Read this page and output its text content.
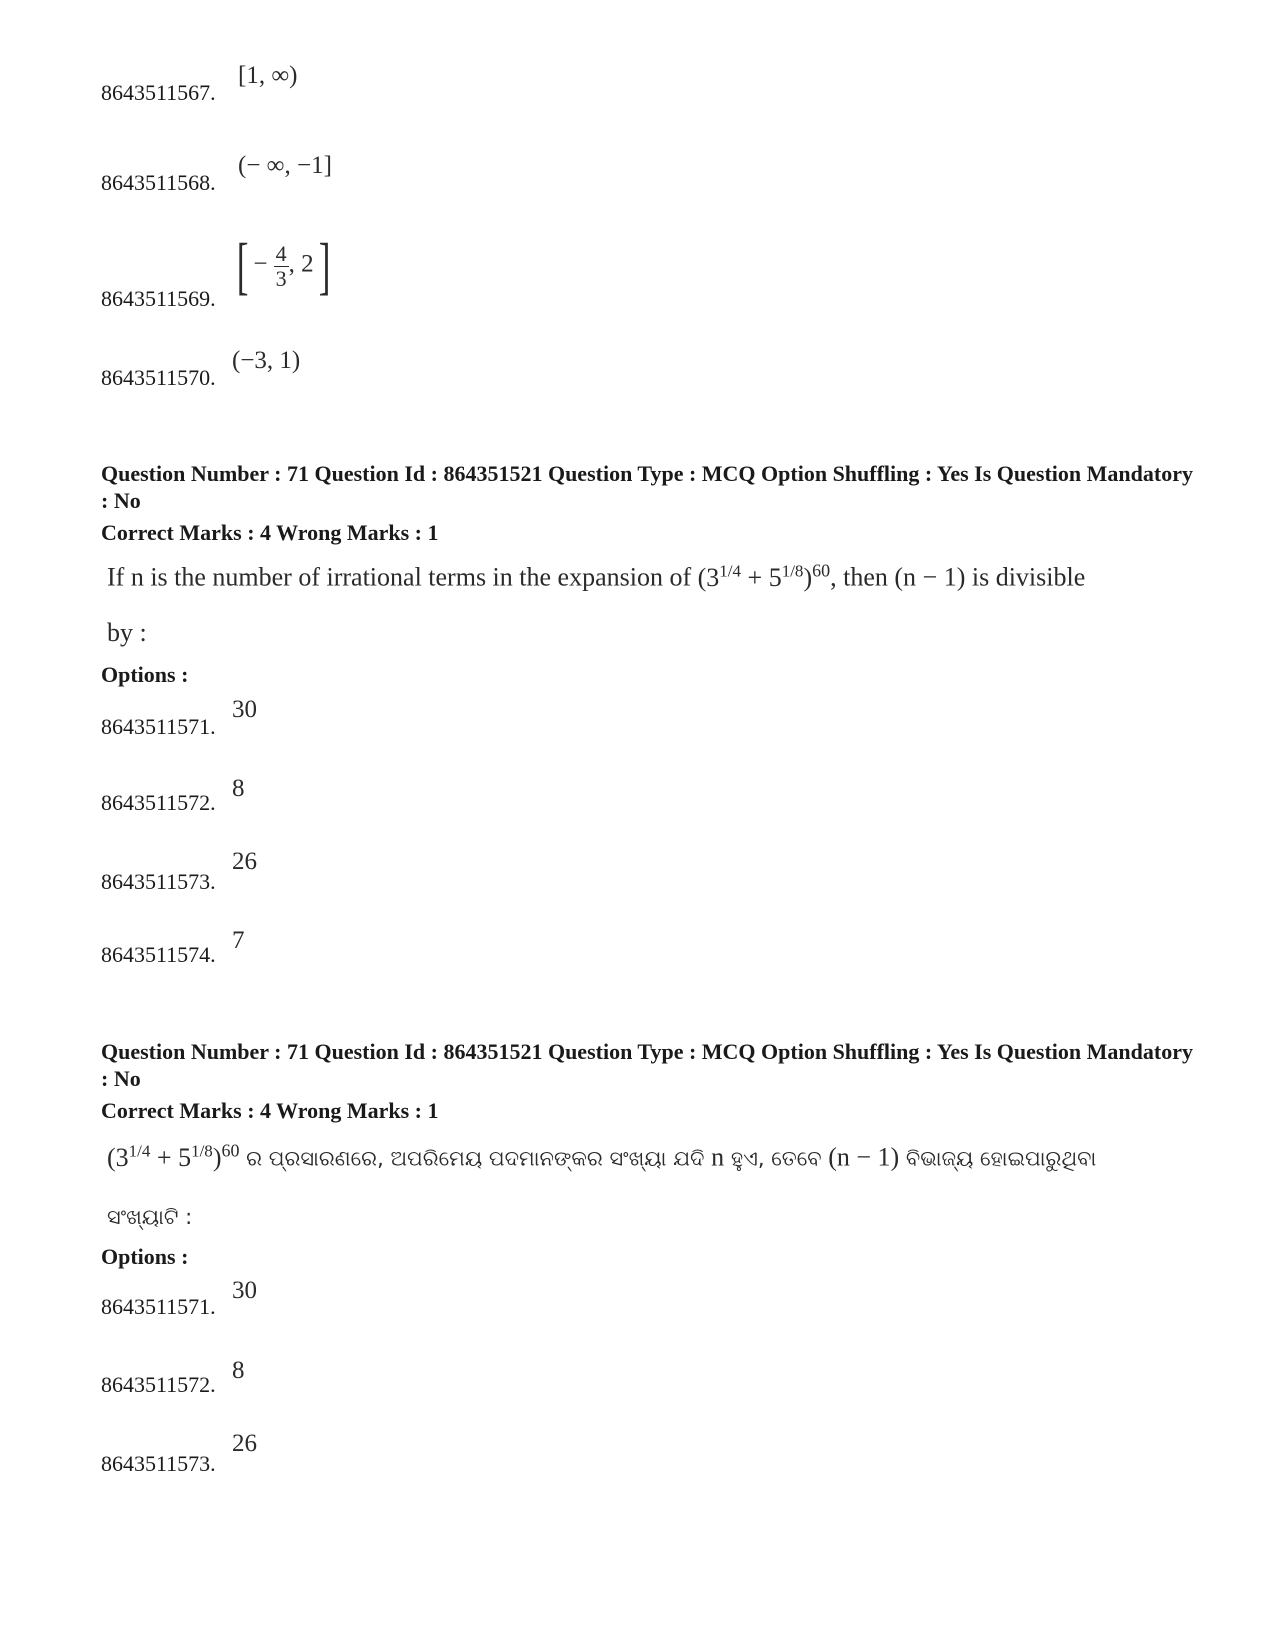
8643511567.
[1, ∞)
8643511568.
(− ∞, −1]
8643511569. [ − $\frac{4}{3}$ , 2]
8643511570.
(−3, 1)
Question Number : 71 Question Id : 864351521 Question Type : MCQ Option Shuffling : Yes Is Question Mandatory : No
Correct Marks : 4 Wrong Marks : 1
If n is the number of irrational terms in the expansion of $(3^{1/4} + 5^{1/8})^{60}$, then (n − 1) is divisible
by :
Options :
8643511571.
30
8643511572.
8
8643511573.
26
8643511574.
7
Question Number : 71 Question Id : 864351521 Question Type : MCQ Option Shuffling : Yes Is Question Mandatory : No
Correct Marks : 4 Wrong Marks : 1
$(3^{1/4} + 5^{1/8})^{60}$ ର ପ୍ରସାରଣରେ, ଅପରିମେୟ ପଦମାନଙ୍କର ସଂଖ୍ୟା ଯଦି n ହୁଏ, ତେବେ (n − 1) ବିଭାଜ୍ୟ ହୋଇପାରୁଥିବା
ସଂଖ୍ୟାଟି :
Options :
8643511571.
30
8643511572.
8
8643511573.
26
